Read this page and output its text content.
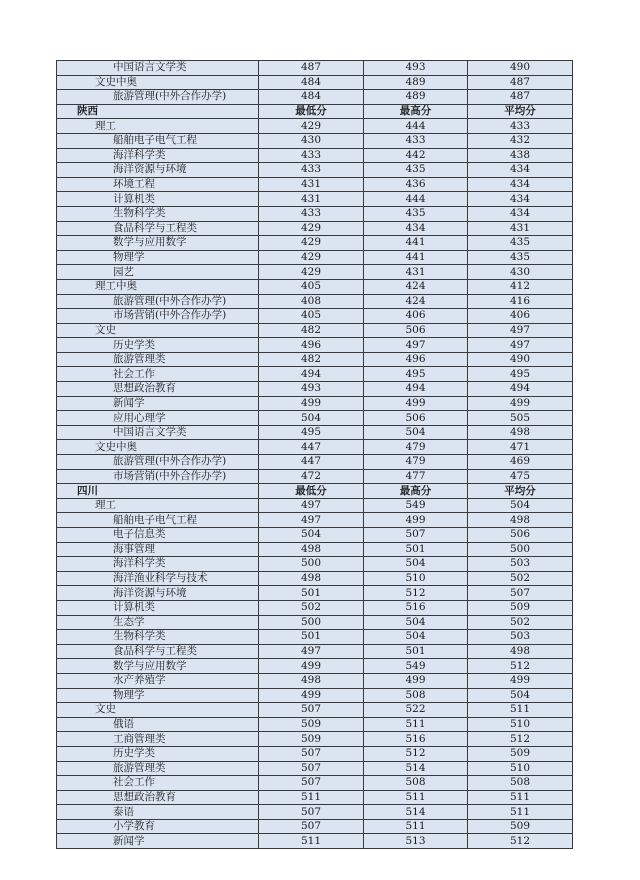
中国语言文学类	487	493	490
文史中奥	484	489	487
旅游管理(中外合作办学)	484	489	487
陕西	最低分	最高分	平均分
理工	429	444	433
船舶电子电气工程	430	433	432
海洋科学类	433	442	438
海洋资源与环境	433	435	434
环境工程	431	436	434
计算机类	431	444	434
生物科学类	433	435	434
食品科学与工程类	429	434	431
数学与应用数学	429	441	435
物理学	429	441	435
园艺	429	431	430
理工中奥	405	424	412
旅游管理(中外合作办学)	408	424	416
市场营销(中外合作办学)	405	406	406
文史	482	506	497
历史学类	496	497	497
旅游管理类	482	496	490
社会工作	494	495	495
思想政治教育	493	494	494
新闻学	499	499	499
应用心理学	504	506	505
中国语言文学类	495	504	498
文史中奥	447	479	471
旅游管理(中外合作办学)	447	479	469
市场营销(中外合作办学)	472	477	475
四川	最低分	最高分	平均分
理工	497	549	504
船舶电子电气工程	497	499	498
电子信息类	504	507	506
海事管理	498	501	500
海洋科学类	500	504	503
海洋渔业科学与技术	498	510	502
海洋资源与环境	501	512	507
计算机类	502	516	509
生态学	500	504	502
生物科学类	501	504	503
食品科学与工程类	497	501	498
数学与应用数学	499	549	512
水产养殖学	498	499	499
物理学	499	508	504
文史	507	522	511
俄语	509	511	510
工商管理类	509	516	512
历史学类	507	512	509
旅游管理类	507	514	510
社会工作	507	508	508
思想政治教育	511	511	511
泰语	507	514	511
小学教育	507	511	509
新闻学	511	513	512
